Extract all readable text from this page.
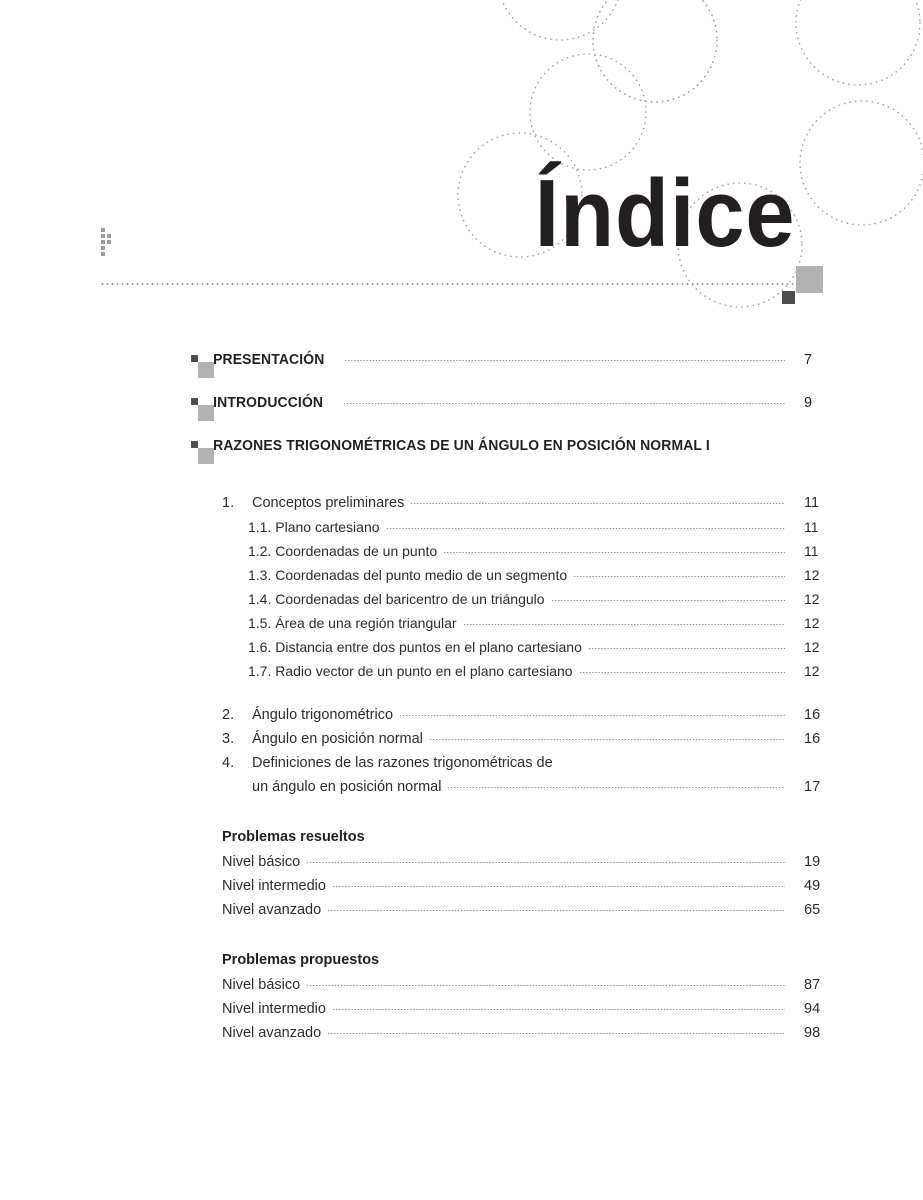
Índice
PRESENTACIÓN	7
INTRODUCCIÓN	9
RAZONES TRIGONOMÉTRICAS DE UN ÁNGULO EN POSICIÓN NORMAL I
1. Conceptos preliminares	11
1.1. Plano cartesiano	11
1.2. Coordenadas de un punto	11
1.3. Coordenadas del punto medio de un segmento	12
1.4. Coordenadas del baricentro de un triángulo	12
1.5. Área de una región triangular	12
1.6. Distancia entre dos puntos en el plano cartesiano	12
1.7. Radio vector de un punto en el plano cartesiano	12
2. Ángulo trigonométrico	16
3. Ángulo en posición normal	16
4. Definiciones de las razones trigonométricas de
un ángulo en posición normal	17
Problemas resueltos
Nivel básico	19
Nivel intermedio	49
Nivel avanzado	65
Problemas propuestos
Nivel básico	87
Nivel intermedio	94
Nivel avanzado	98
